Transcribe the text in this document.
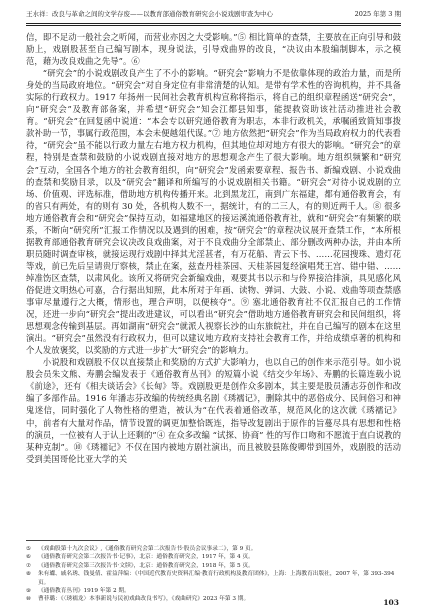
王水祥：改良与革命之间的文学存废——以教育部通俗教育研究会小说戏剧审查为中心	2025 年第 3 期

信，即不足动一般社会之听闻，而营业亦因之大受影响。”⑤ 相比简单的查禁，主要放在正向引导和鼓励上，戏剧股甚至自己编写剧本，现身说法，引导戏曲界的改良，“决议由本股编制脚本，示之模范，藉为改良戏曲之先导”。⑥

“研究会”的小说戏剧改良产生了不小的影响。“研究会”影响力不是依靠体现的政治力量，而是所身处的当局政府地位。“研究会”对自身定位有非常清楚的认知。是带有学术性的咨询机构，并不具备实际的行政权力。1917 年扬州一民间社会教育机构宣称将指示，将自己的组织章程函送“研究会”，向“研究会”及教育部备案，并希望“研究会”知会江都县知事，能提救资助该社活动推进社会教育。“研究会”在回复函中说道：“本会专以研究通俗教育为职志，本非行政机关，承嘱函致简知事拨款补助一节，事属行政范围，本会未便越俎代谋。”⑦ 地方依然把“研究会”作为当局政府权力的代表看待，“研究会”虽不能以行政力量左右地方权力机构，但其地位却对地方有很大的影响。“研究会”的章程，特别是查禁和鼓励的小说戏剧直接对地方的思想观念产生了很大影响。地方组织频繁和“研究会”互动，全国各个地方的社会教育组织，向“研究会”发函索要章程、报告书、新编戏剧、小说戏曲的查禁和奖励目录，以及“研究会”翻译和所编写的小说戏剧相关书籍。“研究会”对待小说戏剧的立场、价值观、评选标准，借助地方机构传播开来。北到黑龙江，南到广东福建，都有通俗教育会，有的省只有两处，有的则有 30 处，各机构人数不一，据统计，有的二三人，有的则近两千人。⑧ 很多地方通俗教育会和“研究会”保持互动，如福建地区的接运溪流通俗教育社，就和“研究会”有频繁的联系，不断向“研究所”汇报工作情况以及遇到的困难，按“研究会”的章程决议展开查禁工作，“本所根据教育部通俗教育研究会议决改良戏曲案，对于不良戏曲分全部禁止、部分删改两种办法，并由本所职员随时调查审核，就接运现行戏剧中择其尤淫甚者，有万花船、青云下书、……花园搜珠、遗灯花等戏，前已先后呈请贵厅察核，禁止在案，兹查丹桂茶园、天桂茶园复经演唱梵王宫、错中错、……绰准饬区查禁，以肃风化。该所又将研究会新编戏曲，观要其书以示和与伶界接洽排演，具见感化风俗促进文明热心可嘉，合行据出知照，此本所对于年画、读物、弹词、大鼓、小说、戏曲等项查禁感事审尽量遵行之大概，情形也，理合声明，以便核夺”。⑨ 塞北通俗教育社不仅汇报自己的工作情况，还进一步向“研究会”提出改进建议，可以看出“研究会”借助地方通俗教育研究会和民间组织，将思想观念传输到基层。再如湖南“研究会”就派人视察长沙的山东旅皖社，并在自己编写的剧本在这里演出。“研究会”虽然没有行政权力，但可以建议地方政府支持社会教育工作，并给成绩卓著的机构和个人发放褒奖，以奖励的方式进一步扩大“研究会”的影响力。

小说股和戏剧股不仅以直接禁止和奖励的方式扩大影响力，也以自己的创作来示范引导。如小说股会员朱文熊、寿鹏会编发表于《通俗教育丛刊》的短篇小说《结交少年场》、寿鹏的长篇连载小说《前途》，还有《相夫谈话会》《长甸》等。戏剧股更是创作众多剧本，其主要是股员潘志芬创作和改编了多部作品。1916 年潘志芬改编的传统经典名剧《琇襦记》，删除其中的恶俗成分、民间俗习和神鬼迷信，同时强化了人物性格的塑造，被认为“在代表着通俗改革，规范风化的这次就《琇襦记》中，前者有大量对作品，情节设置的调更加整恰既连，指导改复剧出于原作的旨蔓尽具有思想和性格的演员，一位被有人于认上还剩的”④ 在众多改编 “试探、协商” 性的写作口吻和不愿流于直白说教的某种克制”。⑩《琇襦记》不仅在国内被地方剧社演出，而且被胶县陈俊卿带到国外，戏剧股的活动受到美国哥伦比亚大学的关

⑤	《戏曲股第十九次会议》,《通俗教育研究会第二次报告书·股员会议事录二》，第 9 页。
⑥	《通俗教育研究会第二次报告书·记事》，北京：通俗教育研究会，1917 年，第 4 页。
⑦	《通俗教育研究会第三次报告书·文牍》，北京：通俗教育研究会，1918 年，第 5 页。
⑧	朱有瓛、戚名琇、钱曼倩、霍益萍编：《中国近代教育史资料汇编·教育行政机构及教育团体》，上海：上海教育出版社，2007 年，第 393-394 页。
⑨	《通俗教育丛刊》1919 年第 2 期。
⑩	曹菲璐：《〈琇襦龙〉本事新说与民初戏曲改良书写》，《戏曲研究》2023 年第 3 期。	103
